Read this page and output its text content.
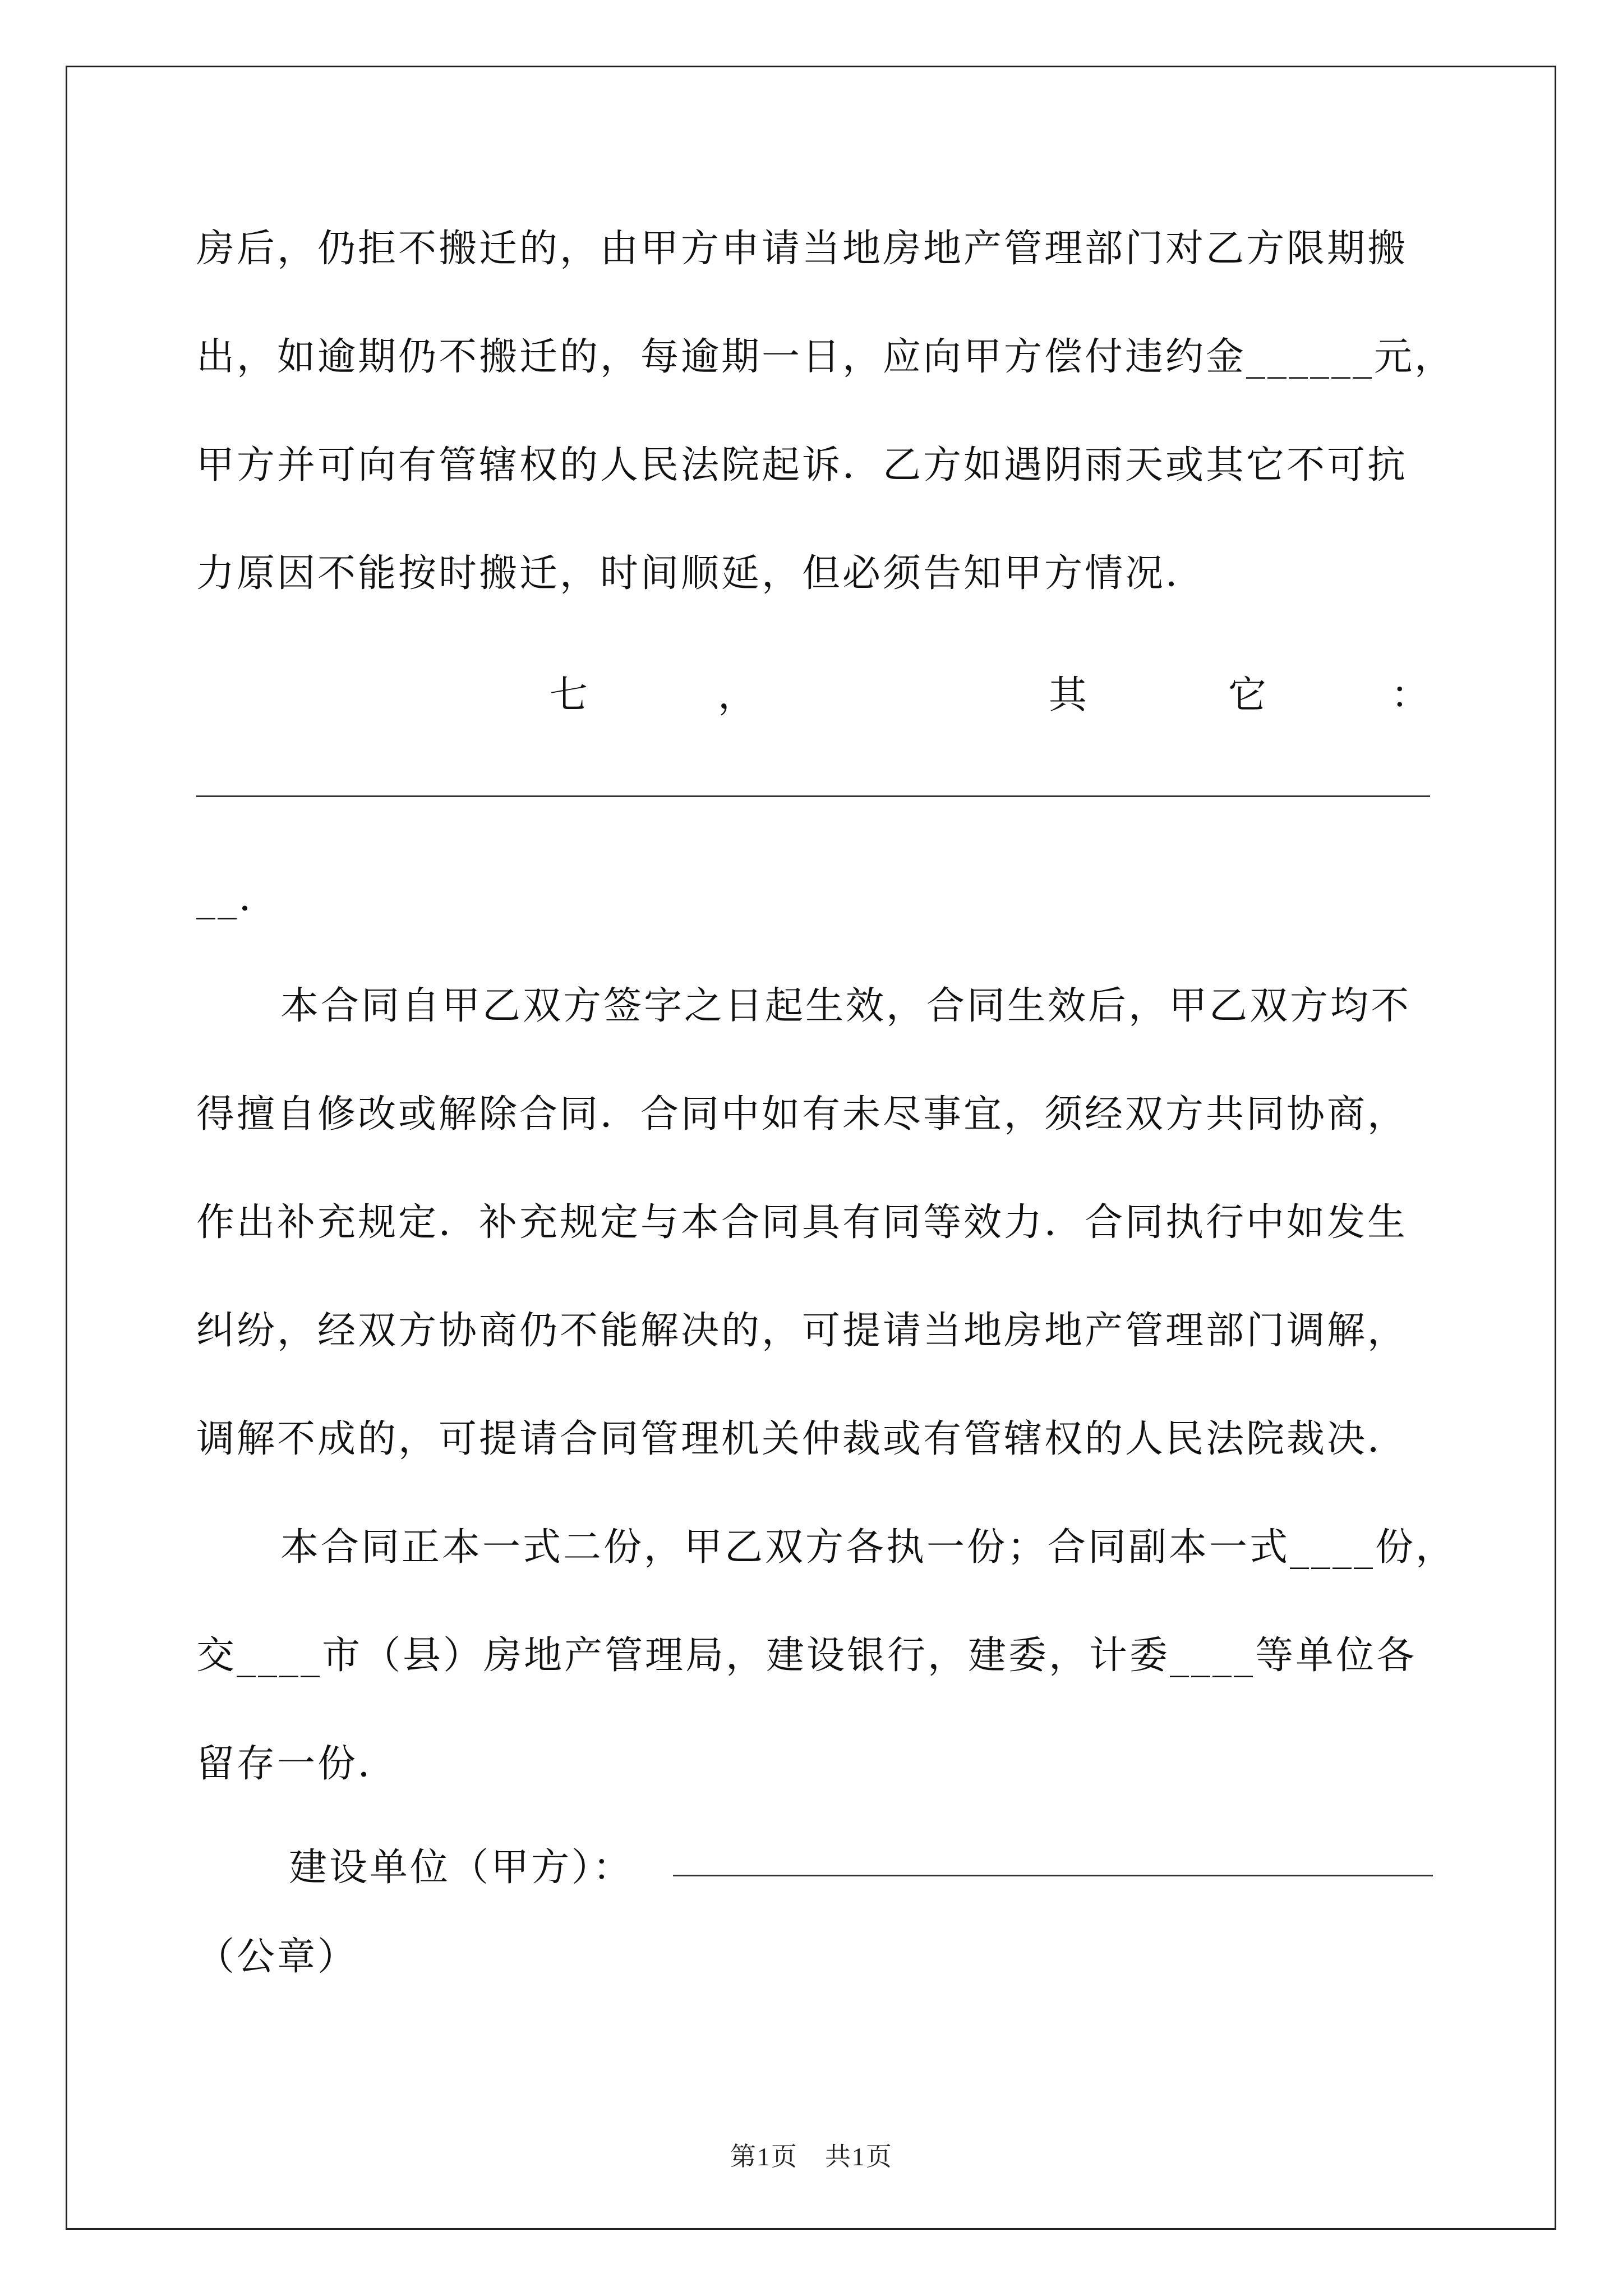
房后，仍拒不搬迁的，由甲方申请当地房地产管理部门对乙方限期搬
出，如逾期仍不搬迁的，每逾期一日，应向甲方偿付违约金______元，
甲方并可向有管辖权的人民法院起诉．乙方如遇阴雨天或其它不可抗
力原因不能按时搬迁，时间顺延，但必须告知甲方情况．
__．
本合同自甲乙双方签字之日起生效，合同生效后，甲乙双方均不
得擅自修改或解除合同．合同中如有未尽事宜，须经双方共同协商，
作出补充规定．补充规定与本合同具有同等效力．合同执行中如发生
纠纷，经双方协商仍不能解决的，可提请当地房地产管理部门调解，
调解不成的，可提请合同管理机关仲裁或有管辖权的人民法院裁决．
本合同正本一式二份，甲乙双方各执一份；合同副本一式____份，
交____市（县）房地产管理局，建设银行，建委，计委____等单位各
留存一份．
建设单位（甲方）：
（公章）
七	，	其	它	：
第1页　共1页
